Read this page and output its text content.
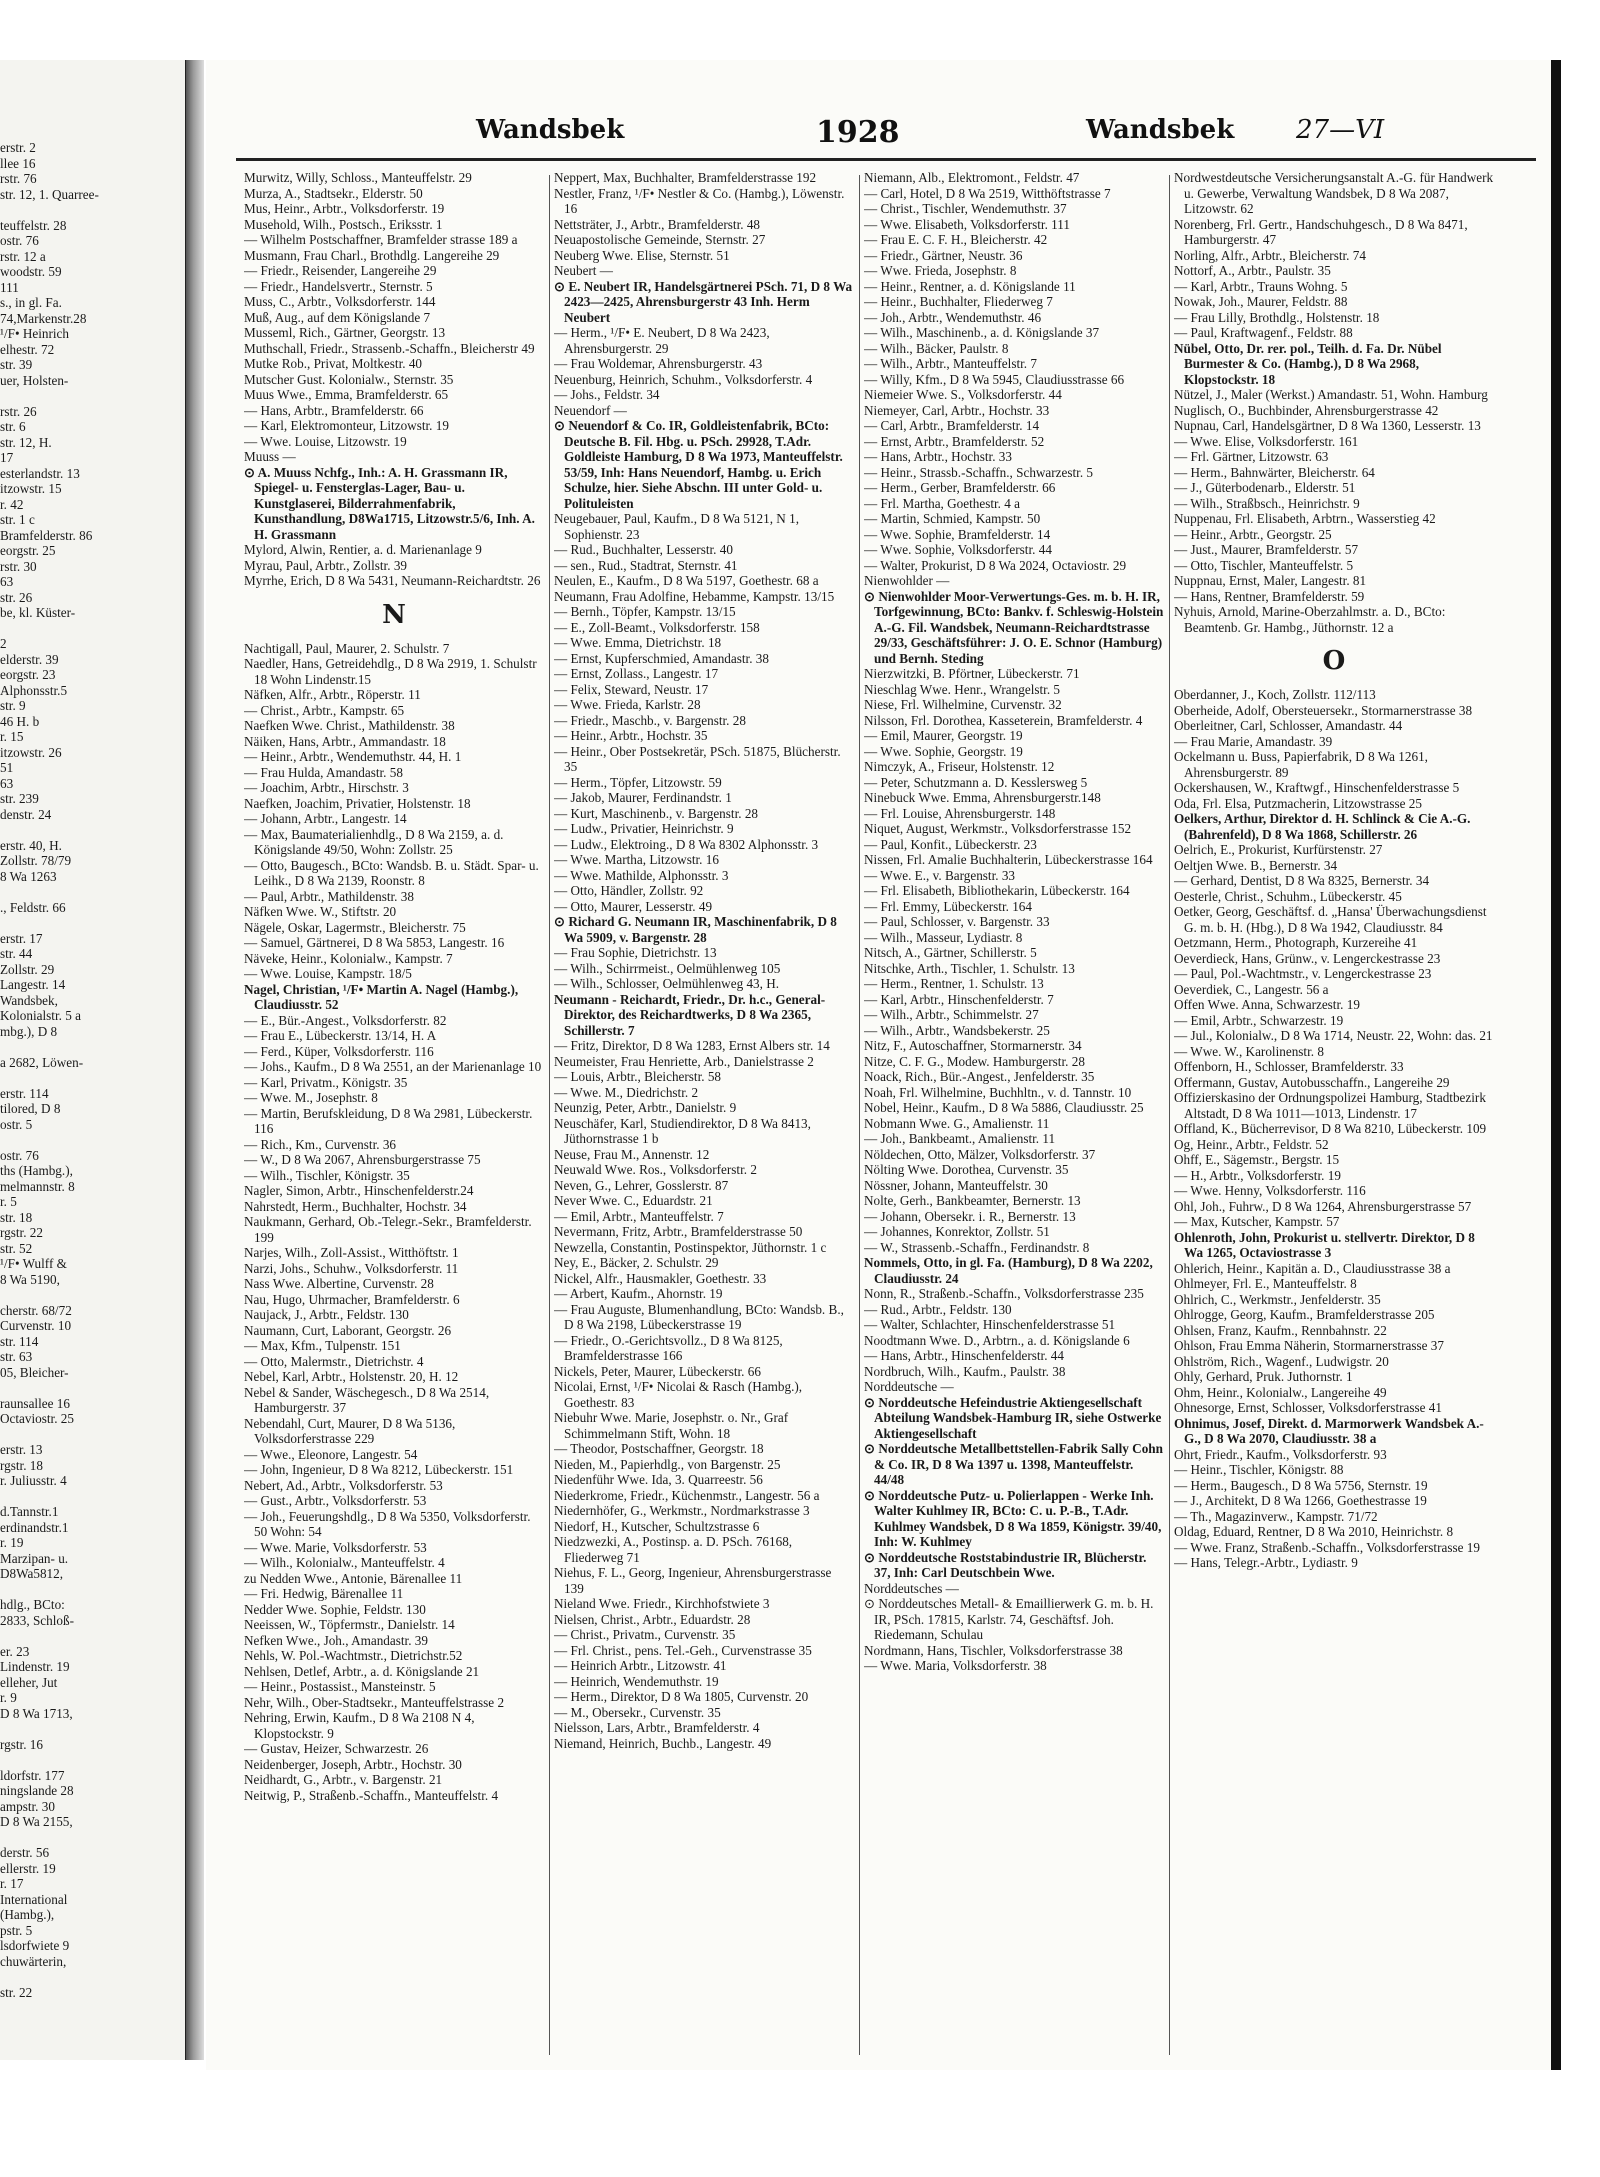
erstr. 2

llee 16

rstr. 76

str. 12, 1. Quarree-

teuffelstr. 28

ostr. 76

rstr. 12 a

woodstr. 59

111

s., in gl. Fa.

74,Markenstr.28

¹/F• Heinrich

elhestr. 72

str. 39

uer, Holsten-

rstr. 26

str. 6

str. 12, H.

17

esterlandstr. 13

itzowstr. 15

r. 42

str. 1 c

Bramfelderstr. 86

eorgstr. 25

rstr. 30

63

str. 26

be, kl. Küster-

2

elderstr. 39

eorgstr. 23

Alphonsstr.5

str. 9

46 H. b

r. 15

itzowstr. 26

51

63

str. 239

denstr. 24

erstr. 40, H.

Zollstr. 78/79

8 Wa 1263

., Feldstr. 66

erstr. 17

str. 44

Zollstr. 29

Langestr. 14

Wandsbek,

Kolonialstr. 5 a

mbg.), D 8

a 2682, Löwen-

erstr. 114

tilored, D 8

ostr. 5

ostr. 76

ths (Hambg.),

melmannstr. 8

r. 5

str. 18

rgstr. 22

str. 52

¹/F• Wulff &

8 Wa 5190,

cherstr. 68/72

Curvenstr. 10

str. 114

str. 63

05, Bleicher-

raunsallee 16

Octaviostr. 25

erstr. 13

rgstr. 18

r. Juliusstr. 4

d.Tannstr.1

erdinandstr.1

r. 19

Marzipan- u.

D8Wa5812,

hdlg., BCto:

2833, Schloß-

er. 23

Lindenstr. 19

elleher, Jut

r. 9

D 8 Wa 1713,

rgstr. 16

ldorfstr. 177

ningslande 28

ampstr. 30

D 8 Wa 2155,

derstr. 56

ellerstr. 19

r. 17

International

(Hambg.),

pstr. 5

lsdorfwiete 9

chuwärterin,

str. 22

Wandsbek	1928	Wandsbek 27—VI

Murwitz, Willy, Schloss., Manteuffelstr. 29

Murza, A., Stadtsekr., Elderstr. 50

Mus, Heinr., Arbtr., Volksdorferstr. 19

Musehold, Wilh., Postsch., Eriksstr. 1

— Wilhelm Postschaffner, Bramfelder strasse 189 a

Musmann, Frau Charl., Brothdlg. Langereihe 29

— Friedr., Reisender, Langereihe 29

— Friedr., Handelsvertr., Sternstr. 5

Muss, C., Arbtr., Volksdorferstr. 144

Muß, Aug., auf dem Königslande 7

Musseml, Rich., Gärtner, Georgstr. 13

Muthschall, Friedr., Strassenb.-Schaffn., Bleicherstr 49

Mutke Rob., Privat, Moltkestr. 40

Mutscher Gust. Kolonialw., Sternstr. 35

Muus Wwe., Emma, Bramfelderstr. 65

— Hans, Arbtr., Bramfelderstr. 66

— Karl, Elektromonteur, Litzowstr. 19

— Wwe. Louise, Litzowstr. 19

Muuss —

⊙ A. Muuss Nchfg., Inh.: A. H. Grassmann IR, Spiegel- u. Fensterglas-Lager, Bau- u. Kunstglaserei, Bilderrahmenfabrik, Kunsthandlung, D8Wa1715, Litzowstr.5/6, Inh. A. H. Grassmann

Mylord, Alwin, Rentier, a. d. Marienanlage 9

Myrau, Paul, Arbtr., Zollstr. 39

Myrrhe, Erich, D 8 Wa 5431, Neumann-Reichardtstr. 26

N

Nachtigall, Paul, Maurer, 2. Schulstr. 7

Naedler, Hans, Getreidehdlg., D 8 Wa 2919, 1. Schulstr 18 Wohn Lindenstr.15

Näfken, Alfr., Arbtr., Röperstr. 11

— Christ., Arbtr., Kampstr. 65

Naefken Wwe. Christ., Mathildenstr. 38

Näiken, Hans, Arbtr., Ammandastr. 18

— Heinr., Arbtr., Wendemuthstr. 44, H. 1

— Frau Hulda, Amandastr. 58

— Joachim, Arbtr., Hirschstr. 3

Naefken, Joachim, Privatier, Holstenstr. 18

— Johann, Arbtr., Langestr. 14

— Max, Baumaterialienhdlg., D 8 Wa 2159, a. d. Königslande 49/50, Wohn: Zollstr. 25

— Otto, Baugesch., BCto: Wandsb. B. u. Städt. Spar- u. Leihk., D 8 Wa 2139, Roonstr. 8

— Paul, Arbtr., Mathildenstr. 38

Näfken Wwe. W., Stiftstr. 20

Nägele, Oskar, Lagermstr., Bleicherstr. 75

— Samuel, Gärtnerei, D 8 Wa 5853, Langestr. 16

Näveke, Heinr., Kolonialw., Kampstr. 7

— Wwe. Louise, Kampstr. 18/5

Nagel, Christian, ¹/F• Martin A. Nagel (Hambg.), Claudiusstr. 52

— E., Bür.-Angest., Volksdorferstr. 82

— Frau E., Lübeckerstr. 13/14, H. A

— Ferd., Küper, Volksdorferstr. 116

— Johs., Kaufm., D 8 Wa 2551, an der Marienanlage 10

— Karl, Privatm., Königstr. 35

— Wwe. M., Josephstr. 8

— Martin, Berufskleidung, D 8 Wa 2981, Lübeckerstr. 116

— Rich., Km., Curvenstr. 36

— W., D 8 Wa 2067, Ahrensburgerstrasse 75

— Wilh., Tischler, Königstr. 35

Nagler, Simon, Arbtr., Hinschenfelderstr.24

Nahrstedt, Herm., Buchhalter, Hochstr. 34

Naukmann, Gerhard, Ob.-Telegr.-Sekr., Bramfelderstr. 199

Narjes, Wilh., Zoll-Assist., Witthöftstr. 1

Narzi, Johs., Schuhw., Volksdorferstr. 11

Nass Wwe. Albertine, Curvenstr. 28

Nau, Hugo, Uhrmacher, Bramfelderstr. 6

Naujack, J., Arbtr., Feldstr. 130

Naumann, Curt, Laborant, Georgstr. 26

— Max, Kfm., Tulpenstr. 151

— Otto, Malermstr., Dietrichstr. 4

Nebel, Karl, Arbtr., Holstenstr. 20, H. 12

Nebel & Sander, Wäschegesch., D 8 Wa 2514, Hamburgerstr. 37

Nebendahl, Curt, Maurer, D 8 Wa 5136, Volksdorferstrasse 229

— Wwe., Eleonore, Langestr. 54

— John, Ingenieur, D 8 Wa 8212, Lübeckerstr. 151

Nebert, Ad., Arbtr., Volksdorferstr. 53

— Gust., Arbtr., Volksdorferstr. 53

— Joh., Feuerungshdlg., D 8 Wa 5350, Volksdorferstr. 50 Wohn: 54

— Wwe. Marie, Volksdorferstr. 53

— Wilh., Kolonialw., Manteuffelstr. 4

zu Nedden Wwe., Antonie, Bärenallee 11

— Fri. Hedwig, Bärenallee 11

Nedder Wwe. Sophie, Feldstr. 130

Neeissen, W., Töpfermstr., Danielstr. 14

Nefken Wwe., Joh., Amandastr. 39

Nehls, W. Pol.-Wachtmstr., Dietrichstr.52

Nehlsen, Detlef, Arbtr., a. d. Königslande 21

— Heinr., Postassist., Mansteinstr. 5

Nehr, Wilh., Ober-Stadtsekr., Manteuffelstrasse 2

Nehring, Erwin, Kaufm., D 8 Wa 2108 N 4, Klopstockstr. 9

— Gustav, Heizer, Schwarzestr. 26

Neidenberger, Joseph, Arbtr., Hochstr. 30

Neidhardt, G., Arbtr., v. Bargenstr. 21

Neitwig, P., Straßenb.-Schaffn., Manteuffelstr. 4

Neppert, Max, Buchhalter, Bramfelderstrasse 192

Nestler, Franz, ¹/F• Nestler & Co. (Hambg.), Löwenstr. 16

Nettsträter, J., Arbtr., Bramfelderstr. 48

Neuapostolische Gemeinde, Sternstr. 27

Neuberg Wwe. Elise, Sternstr. 51

Neubert —

⊙ E. Neubert IR, Handelsgärtnerei PSch. 71, D 8 Wa 2423—2425, Ahrensburgerstr 43 Inh. Herm Neubert

— Herm., ¹/F• E. Neubert, D 8 Wa 2423, Ahrensburgerstr. 29

— Frau Woldemar, Ahrensburgerstr. 43

Neuenburg, Heinrich, Schuhm., Volksdorferstr. 4

— Johs., Feldstr. 34

Neuendorf —

⊙ Neuendorf & Co. IR, Goldleistenfabrik, BCto: Deutsche B. Fil. Hbg. u. PSch. 29928, T.Adr. Goldleiste Hamburg, D 8 Wa 1973, Manteuffelstr. 53/59, Inh: Hans Neuendorf, Hambg. u. Erich Schulze, hier. Siehe Abschn. III unter Gold- u. Polituleisten

Neugebauer, Paul, Kaufm., D 8 Wa 5121, N 1, Sophienstr. 23

— Rud., Buchhalter, Lesserstr. 40

— sen., Rud., Stadtrat, Sternstr. 41

Neulen, E., Kaufm., D 8 Wa 5197, Goethestr. 68 a

Neumann, Frau Adolfine, Hebamme, Kampstr. 13/15

— Bernh., Töpfer, Kampstr. 13/15

— E., Zoll-Beamt., Volksdorferstr. 158

— Wwe. Emma, Dietrichstr. 18

— Ernst, Kupferschmied, Amandastr. 38

— Ernst, Zollass., Langestr. 17

— Felix, Steward, Neustr. 17

— Wwe. Frieda, Karlstr. 28

— Friedr., Maschb., v. Bargenstr. 28

— Heinr., Arbtr., Hochstr. 35

— Heinr., Ober Postsekretär, PSch. 51875, Blücherstr. 35

— Herm., Töpfer, Litzowstr. 59

— Jakob, Maurer, Ferdinandstr. 1

— Kurt, Maschinenb., v. Bargenstr. 28

— Ludw., Privatier, Heinrichstr. 9

— Ludw., Elektroing., D 8 Wa 8302 Alphonsstr. 3

— Wwe. Martha, Litzowstr. 16

— Wwe. Mathilde, Alphonsstr. 3

— Otto, Händler, Zollstr. 92

— Otto, Maurer, Lesserstr. 49

⊙ Richard G. Neumann IR, Maschinenfabrik, D 8 Wa 5909, v. Bargenstr. 28

— Frau Sophie, Dietrichstr. 13

— Wilh., Schirrmeist., Oelmühlenweg 105

— Wilh., Schlosser, Oelmühlenweg 43, H.

Neumann - Reichardt, Friedr., Dr. h.c., General-Direktor, des Reichardtwerks, D 8 Wa 2365, Schillerstr. 7

— Fritz, Direktor, D 8 Wa 1283, Ernst Albers str. 14

Neumeister, Frau Henriette, Arb., Danielstrasse 2

— Louis, Arbtr., Bleicherstr. 58

— Wwe. M., Diedrichstr. 2

Neunzig, Peter, Arbtr., Danielstr. 9

Neuschäfer, Karl, Studiendirektor, D 8 Wa 8413, Jüthornstrasse 1 b

Neuse, Frau M., Annenstr. 12

Neuwald Wwe. Ros., Volksdorferstr. 2

Neven, G., Lehrer, Gosslerstr. 87

Never Wwe. C., Eduardstr. 21

— Emil, Arbtr., Manteuffelstr. 7

Nevermann, Fritz, Arbtr., Bramfelderstrasse 50

Newzella, Constantin, Postinspektor, Jüthornstr. 1 c

Ney, E., Bäcker, 2. Schulstr. 29

Nickel, Alfr., Hausmakler, Goethestr. 33

— Arbert, Kaufm., Ahornstr. 19

— Frau Auguste, Blumenhandlung, BCto: Wandsb. B., D 8 Wa 2198, Lübeckerstrasse 19

— Friedr., O.-Gerichtsvollz., D 8 Wa 8125, Bramfelderstrasse 166

Nickels, Peter, Maurer, Lübeckerstr. 66

Nicolai, Ernst, ¹/F• Nicolai & Rasch (Hambg.), Goethestr. 83

Niebuhr Wwe. Marie, Josephstr. o. Nr., Graf Schimmelmann Stift, Wohn. 18

— Theodor, Postschaffner, Georgstr. 18

Nieden, M., Papierhdlg., von Bargenstr. 25

Niedenführ Wwe. Ida, 3. Quarreestr. 56

Niederkrome, Friedr., Küchenmstr., Langestr. 56 a

Niedernhöfer, G., Werkmstr., Nordmarkstrasse 3

Niedorf, H., Kutscher, Schultzstrasse 6

Niedzwezki, A., Postinsp. a. D. PSch. 76168, Fliederweg 71

Niehus, F. L., Georg, Ingenieur, Ahrensburgerstrasse 139

Nieland Wwe. Friedr., Kirchhofstwiete 3

Nielsen, Christ., Arbtr., Eduardstr. 28

— Christ., Privatm., Curvenstr. 35

— Frl. Christ., pens. Tel.-Geh., Curvenstrasse 35

— Heinrich Arbtr., Litzowstr. 41

— Heinrich, Wendemuthstr. 19

— Herm., Direktor, D 8 Wa 1805, Curvenstr. 20

— M., Obersekr., Curvenstr. 35

Nielsson, Lars, Arbtr., Bramfelderstr. 4

Niemand, Heinrich, Buchb., Langestr. 49

Niemann, Alb., Elektromont., Feldstr. 47

— Carl, Hotel, D 8 Wa 2519, Witthöftstrasse 7

— Christ., Tischler, Wendemuthstr. 37

— Wwe. Elisabeth, Volksdorferstr. 111

— Frau E. C. F. H., Bleicherstr. 42

— Friedr., Gärtner, Neustr. 36

— Wwe. Frieda, Josephstr. 8

— Heinr., Rentner, a. d. Königslande 11

— Heinr., Buchhalter, Fliederweg 7

— Joh., Arbtr., Wendemuthstr. 46

— Wilh., Maschinenb., a. d. Königslande 37

— Wilh., Bäcker, Paulstr. 8

— Wilh., Arbtr., Manteuffelstr. 7

— Willy, Kfm., D 8 Wa 5945, Claudiusstrasse 66

Niemeier Wwe. S., Volksdorferstr. 44

Niemeyer, Carl, Arbtr., Hochstr. 33

— Carl, Arbtr., Bramfelderstr. 14

— Ernst, Arbtr., Bramfelderstr. 52

— Hans, Arbtr., Hochstr. 33

— Heinr., Strassb.-Schaffn., Schwarzestr. 5

— Herm., Gerber, Bramfelderstr. 66

— Frl. Martha, Goethestr. 4 a

— Martin, Schmied, Kampstr. 50

— Wwe. Sophie, Bramfelderstr. 14

— Wwe. Sophie, Volksdorferstr. 44

— Walter, Prokurist, D 8 Wa 2024, Octaviostr. 29

Nienwohlder —

⊙ Nienwohlder Moor-Verwertungs-Ges. m. b. H. IR, Torfgewinnung, BCto: Bankv. f. Schleswig-Holstein A.-G. Fil. Wandsbek, Neumann-Reichardtstrasse 29/33, Geschäftsführer: J. O. E. Schnor (Hamburg) und Bernh. Steding

Nierzwitzki, B. Pförtner, Lübeckerstr. 71

Nieschlag Wwe. Henr., Wrangelstr. 5

Niese, Frl. Wilhelmine, Curvenstr. 32

Nilsson, Frl. Dorothea, Kasseterein, Bramfelderstr. 4

— Emil, Maurer, Georgstr. 19

— Wwe. Sophie, Georgstr. 19

Nimczyk, A., Friseur, Holstenstr. 12

— Peter, Schutzmann a. D. Kesslersweg 5

Ninebuck Wwe. Emma, Ahrensburgerstr.148

— Frl. Louise, Ahrensburgerstr. 148

Niquet, August, Werkmstr., Volksdorferstrasse 152

— Paul, Konfit., Lübeckerstr. 23

Nissen, Frl. Amalie Buchhalterin, Lübeckerstrasse 164

— Wwe. E., v. Bargenstr. 33

— Frl. Elisabeth, Bibliothekarin, Lübeckerstr. 164

— Frl. Emmy, Lübeckerstr. 164

— Paul, Schlosser, v. Bargenstr. 33

— Wilh., Masseur, Lydiastr. 8

Nitsch, A., Gärtner, Schillerstr. 5

Nitschke, Arth., Tischler, 1. Schulstr. 13

— Herm., Rentner, 1. Schulstr. 13

— Karl, Arbtr., Hinschenfelderstr. 7

— Wilh., Arbtr., Schimmelstr. 27

— Wilh., Arbtr., Wandsbekerstr. 25

Nitz, F., Autoschaffner, Stormarnerstr. 34

Nitze, C. F. G., Modew. Hamburgerstr. 28

Noack, Rich., Bür.-Angest., Jenfelderstr. 35

Noah, Frl. Wilhelmine, Buchhltn., v. d. Tannstr. 10

Nobel, Heinr., Kaufm., D 8 Wa 5886, Claudiusstr. 25

Nobmann Wwe. G., Amalienstr. 11

— Joh., Bankbeamt., Amalienstr. 11

Nöldechen, Otto, Mälzer, Volksdorferstr. 37

Nölting Wwe. Dorothea, Curvenstr. 35

Nössner, Johann, Manteuffelstr. 30

Nolte, Gerh., Bankbeamter, Bernerstr. 13

— Johann, Obersekr. i. R., Bernerstr. 13

— Johannes, Konrektor, Zollstr. 51

— W., Strassenb.-Schaffn., Ferdinandstr. 8

Nommels, Otto, in gl. Fa. (Hamburg), D 8 Wa 2202, Claudiusstr. 24

Nonn, R., Straßenb.-Schaffn., Volksdorferstrasse 235

— Rud., Arbtr., Feldstr. 130

— Walter, Schlachter, Hinschenfelderstrasse 51

Noodtmann Wwe. D., Arbtrn., a. d. Königslande 6

— Hans, Arbtr., Hinschenfelderstr. 44

Nordbruch, Wilh., Kaufm., Paulstr. 38

Norddeutsche —

⊙ Norddeutsche Hefeindustrie Aktiengesellschaft Abteilung Wandsbek-Hamburg IR, siehe Ostwerke Aktiengesellschaft

⊙ Norddeutsche Metallbettstellen-Fabrik Sally Cohn & Co. IR, D 8 Wa 1397 u. 1398, Manteuffelstr. 44/48

⊙ Norddeutsche Putz- u. Polierlappen - Werke Inh. Walter Kuhlmey IR, BCto: C. u. P.-B., T.Adr. Kuhlmey Wandsbek, D 8 Wa 1859, Königstr. 39/40, Inh: W. Kuhlmey

⊙ Norddeutsche Roststabindustrie IR, Blücherstr. 37, Inh: Carl Deutschbein Wwe.

Norddeutsches —

⊙ Norddeutsches Metall- & Emaillierwerk G. m. b. H. IR, PSch. 17815, Karlstr. 74, Geschäftsf. Joh. Riedemann, Schulau

Nordmann, Hans, Tischler, Volksdorferstrasse 38

— Wwe. Maria, Volksdorferstr. 38

Nordwestdeutsche Versicherungsanstalt A.-G. für Handwerk u. Gewerbe, Verwaltung Wandsbek, D 8 Wa 2087, Litzowstr. 62

Norenberg, Frl. Gertr., Handschuhgesch., D 8 Wa 8471, Hamburgerstr. 47

Norling, Alfr., Arbtr., Bleicherstr. 74

Nottorf, A., Arbtr., Paulstr. 35

— Karl, Arbtr., Trauns Wohng. 5

Nowak, Joh., Maurer, Feldstr. 88

— Frau Lilly, Brothdlg., Holstenstr. 18

— Paul, Kraftwagenf., Feldstr. 88

Nübel, Otto, Dr. rer. pol., Teilh. d. Fa. Dr. Nübel Burmester & Co. (Hambg.), D 8 Wa 2968, Klopstockstr. 18

Nützel, J., Maler (Werkst.) Amandastr. 51, Wohn. Hamburg

Nuglisch, O., Buchbinder, Ahrensburgerstrasse 42

Nupnau, Carl, Handelsgärtner, D 8 Wa 1360, Lesserstr. 13

— Wwe. Elise, Volksdorferstr. 161

— Frl. Gärtner, Litzowstr. 63

— Herm., Bahnwärter, Bleicherstr. 64

— J., Güterbodenarb., Elderstr. 51

— Wilh., Straßbsch., Heinrichstr. 9

Nuppenau, Frl. Elisabeth, Arbtrn., Wasserstieg 42

— Heinr., Arbtr., Georgstr. 25

— Just., Maurer, Bramfelderstr. 57

— Otto, Tischler, Manteuffelstr. 5

Nuppnau, Ernst, Maler, Langestr. 81

— Hans, Rentner, Bramfelderstr. 59

Nyhuis, Arnold, Marine-Oberzahlmstr. a. D., BCto: Beamtenb. Gr. Hambg., Jüthornstr. 12 a

O

Oberdanner, J., Koch, Zollstr. 112/113

Oberheide, Adolf, Obersteuersekr., Stormarnerstrasse 38

Oberleitner, Carl, Schlosser, Amandastr. 44

— Frau Marie, Amandastr. 39

Ockelmann u. Buss, Papierfabrik, D 8 Wa 1261, Ahrensburgerstr. 89

Ockershausen, W., Kraftwgf., Hinschenfelderstrasse 5

Oda, Frl. Elsa, Putzmacherin, Litzowstrasse 25

Oelkers, Arthur, Direktor d. H. Schlinck & Cie A.-G. (Bahrenfeld), D 8 Wa 1868, Schillerstr. 26

Oelrich, E., Prokurist, Kurfürstenstr. 27

Oeltjen Wwe. B., Bernerstr. 34

— Gerhard, Dentist, D 8 Wa 8325, Bernerstr. 34

Oesterle, Christ., Schuhm., Lübeckerstr. 45

Oetker, Georg, Geschäftsf. d. „Hansa' Überwachungsdienst G. m. b. H. (Hbg.), D 8 Wa 1942, Claudiusstr. 84

Oetzmann, Herm., Photograph, Kurzereihe 41

Oeverdieck, Hans, Grünw., v. Lengerckestrasse 23

— Paul, Pol.-Wachtmstr., v. Lengerckestrasse 23

Oeverdiek, C., Langestr. 56 a

Offen Wwe. Anna, Schwarzestr. 19

— Emil, Arbtr., Schwarzestr. 19

— Jul., Kolonialw., D 8 Wa 1714, Neustr. 22, Wohn: das. 21

— Wwe. W., Karolinenstr. 8

Offenborn, H., Schlosser, Bramfelderstr. 33

Offermann, Gustav, Autobusschaffn., Langereihe 29

Offizierskasino der Ordnungspolizei Hamburg, Stadtbezirk Altstadt, D 8 Wa 1011—1013, Lindenstr. 17

Offland, K., Bücherrevisor, D 8 Wa 8210, Lübeckerstr. 109

Og, Heinr., Arbtr., Feldstr. 52

Ohff, E., Sägemstr., Bergstr. 15

— H., Arbtr., Volksdorferstr. 19

— Wwe. Henny, Volksdorferstr. 116

Ohl, Joh., Fuhrw., D 8 Wa 1264, Ahrensburgerstrasse 57

— Max, Kutscher, Kampstr. 57

Ohlenroth, John, Prokurist u. stellvertr. Direktor, D 8 Wa 1265, Octaviostrasse 3

Ohlerich, Heinr., Kapitän a. D., Claudiusstrasse 38 a

Ohlmeyer, Frl. E., Manteuffelstr. 8

Ohlrich, C., Werkmstr., Jenfelderstr. 35

Ohlrogge, Georg, Kaufm., Bramfelderstrasse 205

Ohlsen, Franz, Kaufm., Rennbahnstr. 22

Ohlson, Frau Emma Näherin, Stormarnerstrasse 37

Ohlström, Rich., Wagenf., Ludwigstr. 20

Ohly, Gerhard, Pruk. Juthornstr. 1

Ohm, Heinr., Kolonialw., Langereihe 49

Ohnesorge, Ernst, Schlosser, Volksdorferstrasse 41

Ohnimus, Josef, Direkt. d. Marmorwerk Wandsbek A.-G., D 8 Wa 2070, Claudiusstr. 38 a

Ohrt, Friedr., Kaufm., Volksdorferstr. 93

— Heinr., Tischler, Königstr. 88

— Herm., Baugesch., D 8 Wa 5756, Sternstr. 19

— J., Architekt, D 8 Wa 1266, Goethestrasse 19

— Th., Magazinverw., Kampstr. 71/72

Oldag, Eduard, Rentner, D 8 Wa 2010, Heinrichstr. 8

— Wwe. Franz, Straßenb.-Schaffn., Volksdorferstrasse 19

— Hans, Telegr.-Arbtr., Lydiastr. 9
